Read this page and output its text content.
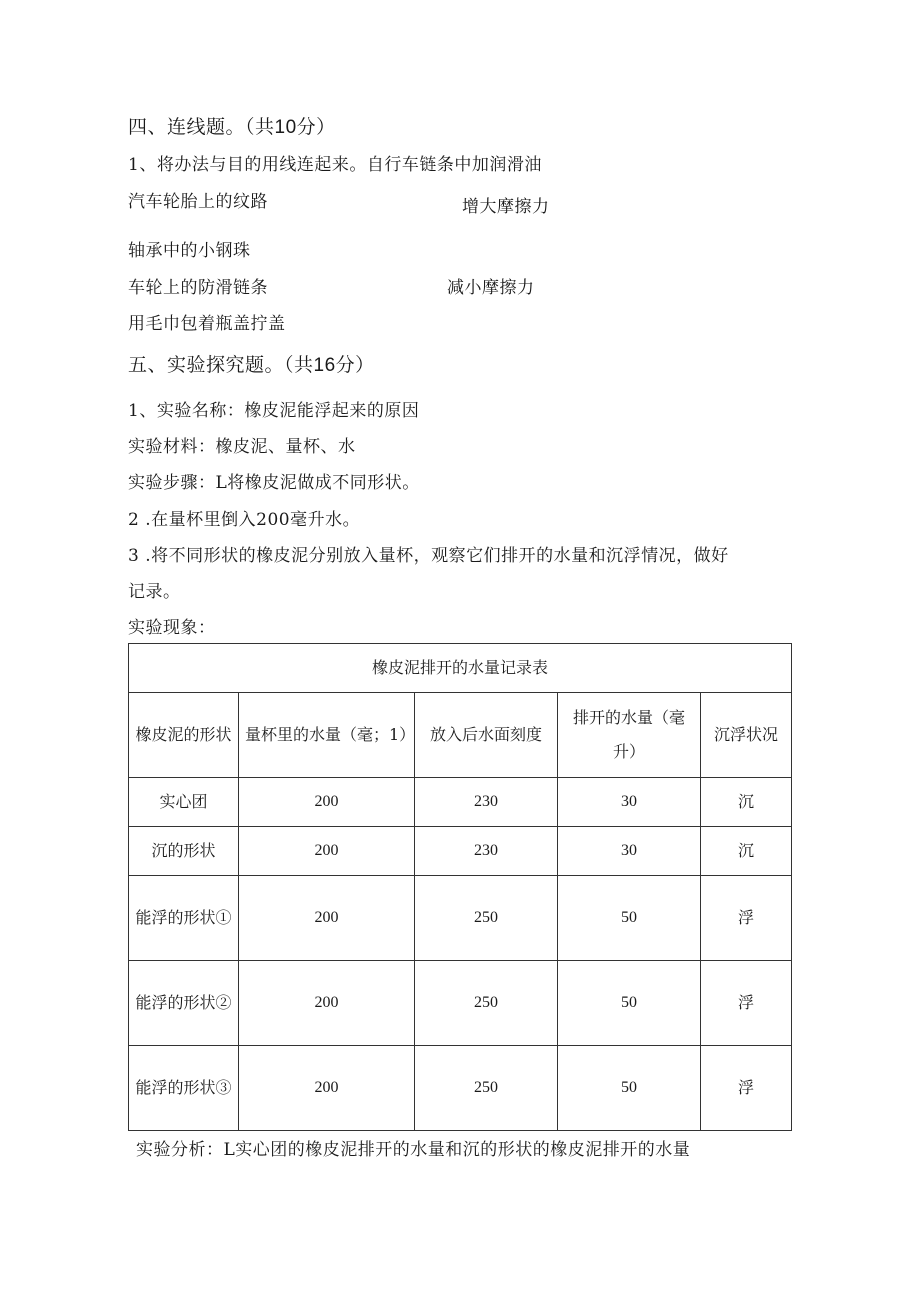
四、连线题。（共10分）
1、将办法与目的用线连起来。自行车链条中加润滑油
汽车轮胎上的纹路	增大摩擦力
轴承中的小钢珠
车轮上的防滑链条	减小摩擦力
用毛巾包着瓶盖拧盖
五、实验探究题。（共16分）
1、实验名称：橡皮泥能浮起来的原因
实验材料：橡皮泥、量杯、水
实验步骤：L将橡皮泥做成不同形状。
2 .在量杯里倒入200毫升水。
3 .将不同形状的橡皮泥分别放入量杯，观察它们排开的水量和沉浮情况，做好
记录。
实验现象：
橡皮泥排开的水量记录表				
橡皮泥的形状	量杯里的水量（毫；1）	放入后水面刻度	排开的水量（毫升）	沉浮状况
实心团	200	230	30	沉
沉的形状	200	230	30	沉
能浮的形状①	200	250	50	浮
能浮的形状②	200	250	50	浮
能浮的形状③	200	250	50	浮
实验分析：L实心团的橡皮泥排开的水量和沉的形状的橡皮泥排开的水量
